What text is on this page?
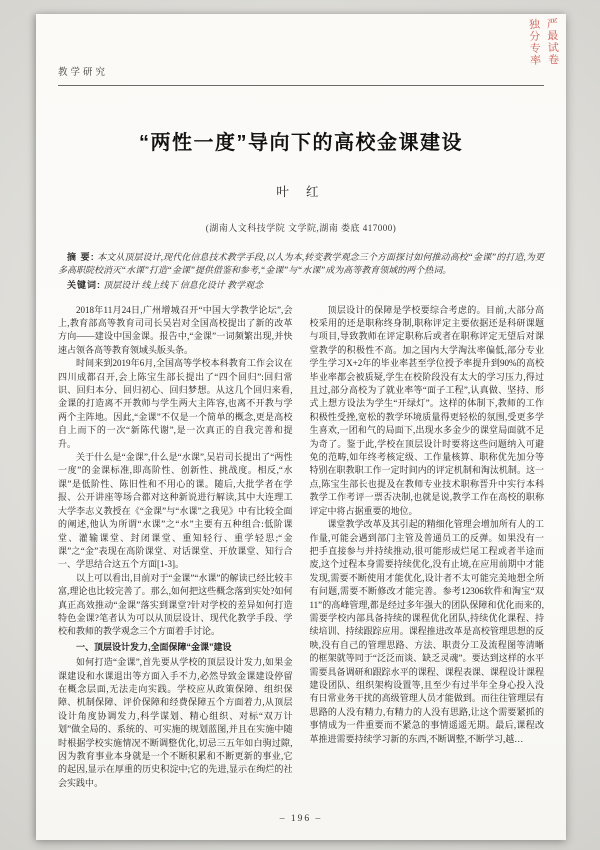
独分专率 严最试卷
教学研究
“两性一度”导向下的高校金课建设
叶 红
(湖南人文科技学院 文学院,湖南 娄底 417000)

摘 要: 本文从顶层设计,现代化信息技术教学手段,以人为本,转变教学观念三个方面探讨如何推动高校“金课”的打造,为更多高职院校消灭“水课”打造“金课”提供借鉴和参考,“金课”与“水课”成为高等教育领域的两个热词。

关键词: 顶层设计 线上线下 信息化设计 教学观念

2018年11月24日,广州增城召开“中国大学教学论坛”,会上,教育部高等教育司司长吴岩对全国高校提出了新的改革方向——建设中国金课。报告中,“金课”一词频繁出现,并快速占领各高等教育领域头版头条。

时间来到2019年6月,全国高等学校本科教育工作会议在四川成都召开,会上陈宝生部长提出了“四个回归”:回归常识、回归本分、回归初心、回归梦想。从这几个回归来看,金课的打造离不开教师与学生两大主阵容,也离不开教与学两个主阵地。因此,“金课”不仅是一个简单的概念,更是高校自上而下的一次“新陈代谢”,是一次真正的自我完善和提升。

关于什么是“金课”,什么是“水课”,吴岩司长提出了“两性一度”的金课标准,即高阶性、创新性、挑战度。相反,“水课”是低阶性、陈旧性和不用心的课。随后,大批学者在学报、公开讲座等场合都对这种新说进行解读,其中大连理工大学李志义教授在《“金课”与“水课”之我见》中有比较全面的阐述,他认为所谓“水课”之“水”主要有五种组合:低阶课堂、灌输课堂、封闭课堂、重知轻行、重学轻思;“金课”之“金”表现在高阶课堂、对话课堂、开放课堂、知行合一、学思结合这五个方面[1-3]。

以上可以看出,目前对于“金课”“水课”的解读已经比较丰富,理论也比较完善了。那么,如何把这些概念落到实处?如何真正高效推动“金课”落实到课堂?针对学校的差异如何打造特色金课?笔者认为可以从顶层设计、现代化教学手段、学校和教师的教学观念三个方面着手讨论。

一、顶层设计发力,全面保障“金课”建设

如何打造“金课”,首先要从学校的顶层设计发力,如果金课建设和水课退出等方面入手不力,必然导致金课建设停留在概念层面,无法走向实践。学校应从政策保障、组织保障、机制保障、评价保障和经费保障五个方面着力,从顶层设计角度协调发力,科学谋划、精心组织、对标“双万计划”做全局的、系统的、可实施的规划蓝图,并且在实施中随时根据学校实施情况不断调整优化,切忌三五年如白驹过隙,因为教育事业本身就是一个不断积累和不断更新的事业,它的起因,显示在厚重的历史积淀中;它的先进,显示在绚烂的社会实践中。

顶层设计的保障是学校要综合考虑的。目前,大部分高校采用的还是职称终身制,职称评定主要依据还是科研课题与项目,导致教师在评定职称后或者在职称评定无望后对课堂教学的积极性不高。加之国内大学淘汰率偏低,部分专业学生学习X+2年的毕业率甚至学位授予率提升到90%的高校毕业率都会被质疑,学生在校阶段没有太大的学习压力,得过且过,部分高校为了就业率等“面子工程”,认真做、坚持、形式上想方设法为学生“开绿灯”。这样的体制下,教师的工作积极性受挫,宽松的教学环境质量得更轻松的氛围,受更多学生喜欢,一团和气的局面下,出现水多金少的课堂局面就不足为奇了。鉴于此,学校在顶层设计时要将这些问题纳入可避免的范畴,如年终考核定级、工作量核算、职称优先加分等特别在职教职工作一定时间内的评定机制和淘汰机制。这一点,陈宝生部长也提及在教师专业技术职称晋升中实行本科教学工作考评一票否决制,也就是说,教学工作在高校的职称评定中将占据重要的地位。

课堂教学改革及其引起的精细化管理会增加所有人的工作量,可能会遇到部门主管及普通员工的反弹。如果没有一把手直接参与并持续推动,很可能形成烂尾工程或者半途而废,这个过程本身需要持续优化,没有止境,在应用前期中才能发现,需要不断使用才能优化,设计者不太可能完美地想全所有问题,需要不断修改才能完善。参考12306软件和淘宝“双11”的高峰管理,都是经过多年强大的团队保障和优化而来的,需要学校内部具备持续的课程优化团队,持续优化课程、持续培训、持续跟踪应用。课程推进改革是高校管理思想的反映,没有自己的管理思路、方法、职责分工及流程图等清晰的框架就等同于“泛泛而谈、缺乏灵魂”。要达到这样的水平需要具备调研和跟踪水平的课程、课程表课、课程设计课程建设团队、组织架构设置等,且至少有过半年全身心投入没有日常业务干扰的高级管理人员才能做到。而往往管理层有思路的人没有精力,有精力的人没有思路,让这个需要紧抓的事情成为一件重要而不紧急的事情遥遥无期。最后,课程改革推进需要持续学习新的东西,不断调整,不断学习,越…

– 196 –
